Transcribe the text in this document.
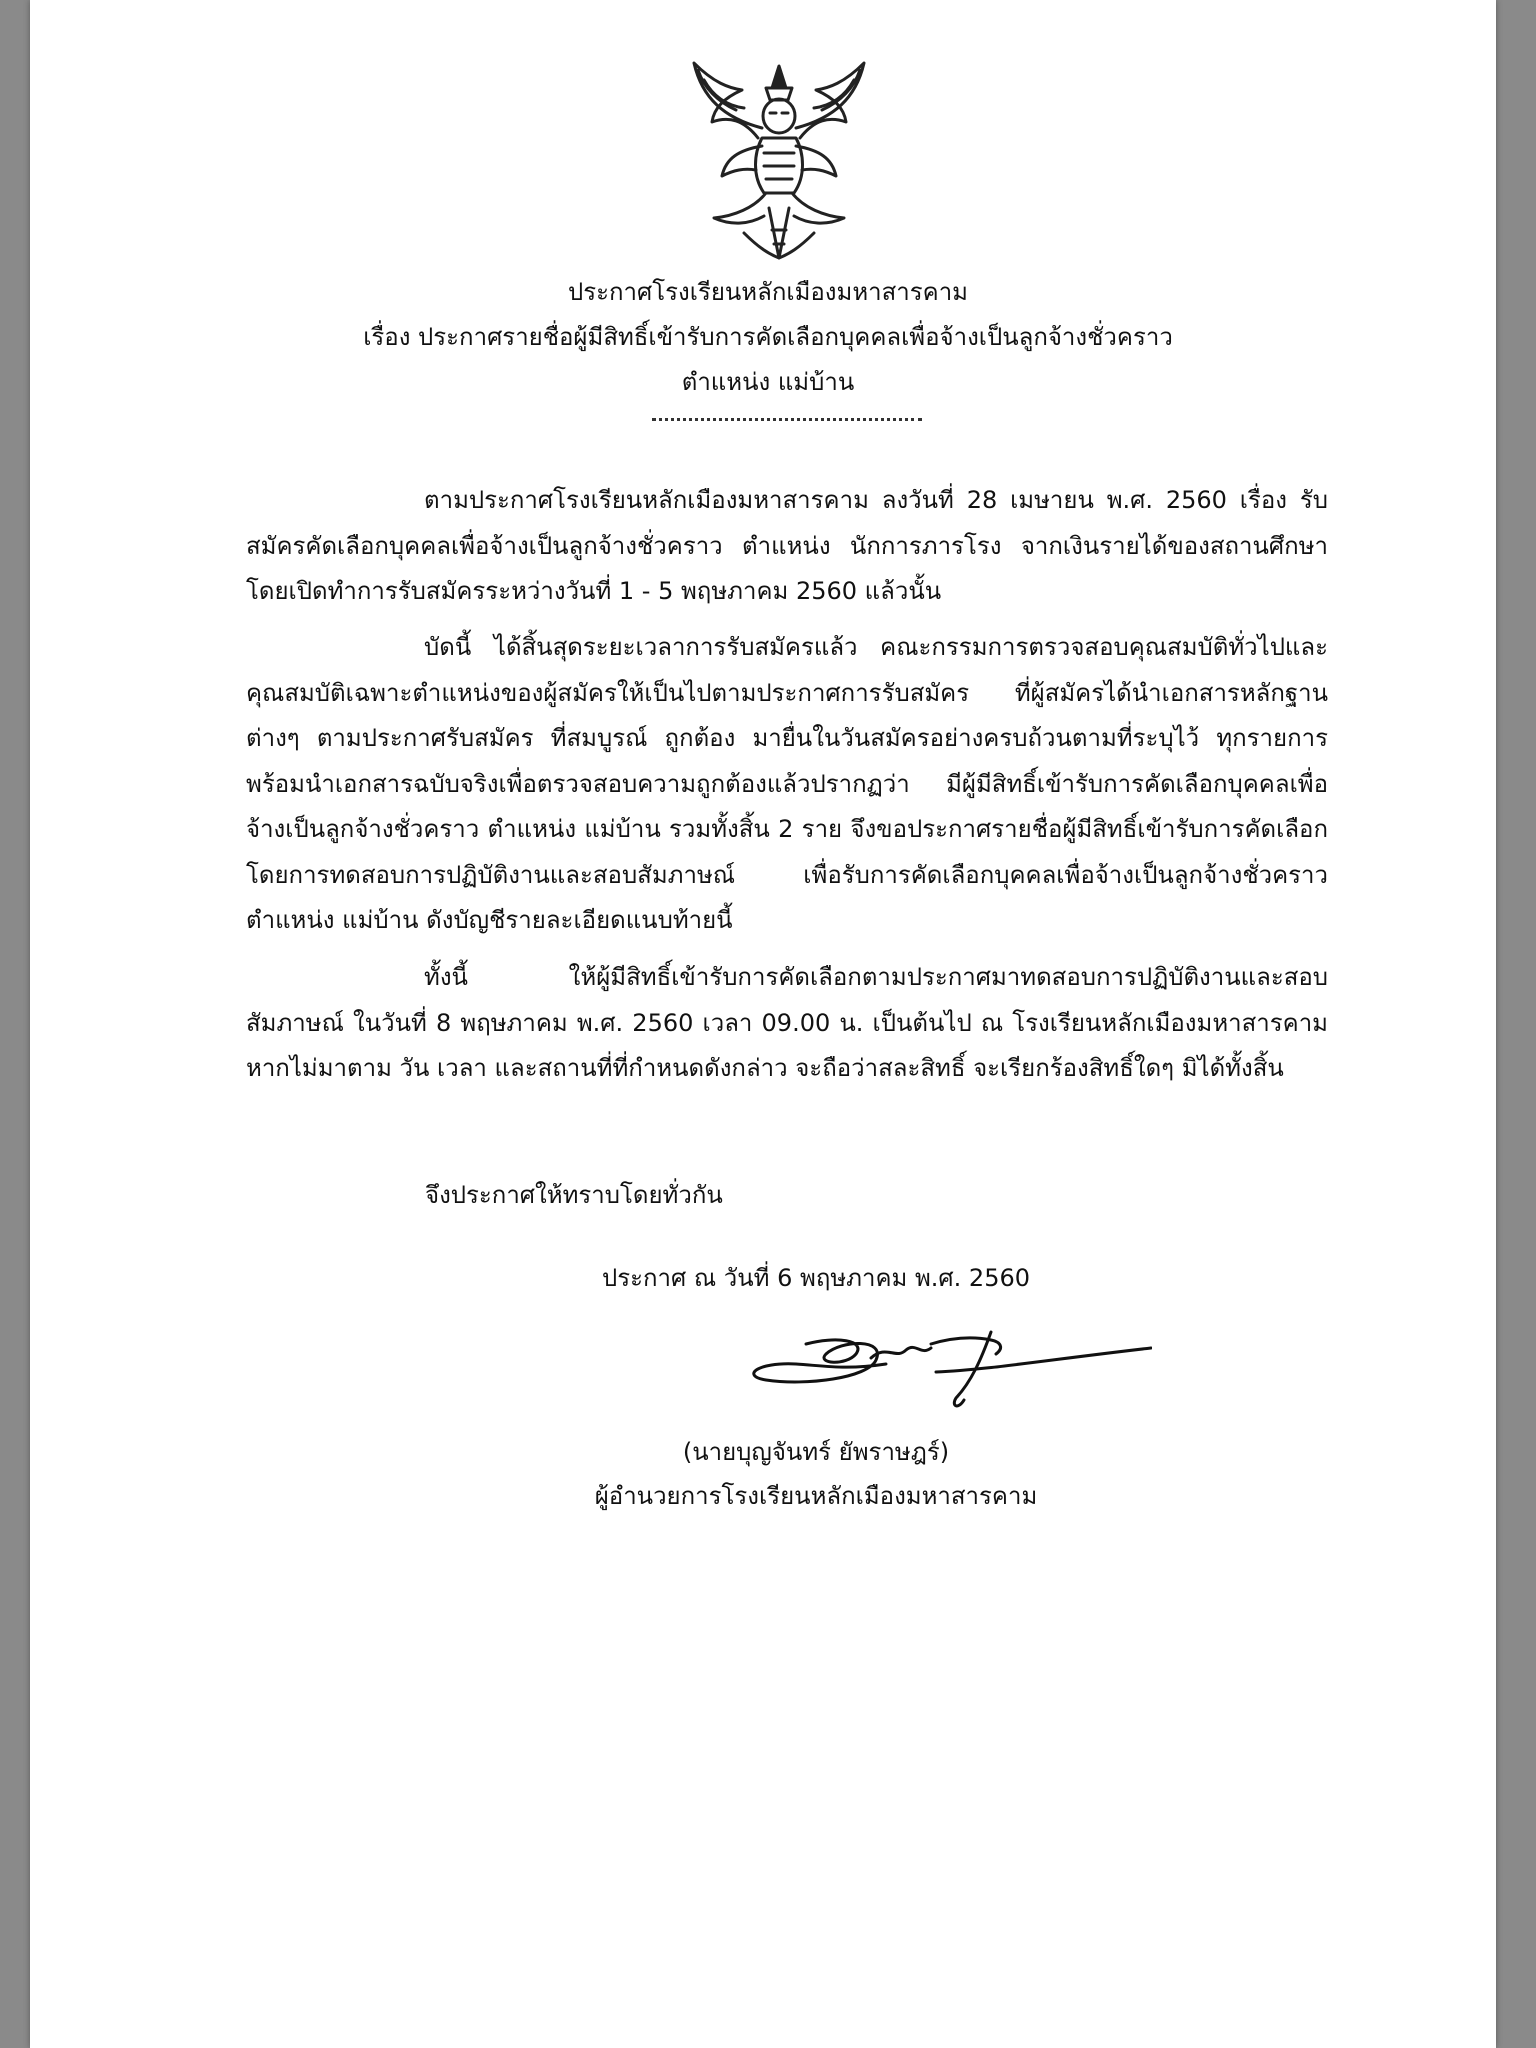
ประกาศโรงเรียนหลักเมืองมหาสารคาม
เรื่อง ประกาศรายชื่อผู้มีสิทธิ์เข้ารับการคัดเลือกบุคคลเพื่อจ้างเป็นลูกจ้างชั่วคราว
ตำแหน่ง แม่บ้าน

ตามประกาศโรงเรียนหลักเมืองมหาสารคาม ลงวันที่ 28 เมษายน พ.ศ. 2560 เรื่อง รับสมัครคัดเลือกบุคคลเพื่อจ้างเป็นลูกจ้างชั่วคราว ตำแหน่ง นักการภารโรง จากเงินรายได้ของสถานศึกษา โดยเปิดทำการรับสมัครระหว่างวันที่ 1 - 5 พฤษภาคม 2560 แล้วนั้น

บัดนี้ ได้สิ้นสุดระยะเวลาการรับสมัครแล้ว คณะกรรมการตรวจสอบคุณสมบัติทั่วไปและคุณสมบัติเฉพาะตำแหน่งของผู้สมัครให้เป็นไปตามประกาศการรับสมัคร ที่ผู้สมัครได้นำเอกสารหลักฐานต่างๆ ตามประกาศรับสมัคร ที่สมบูรณ์ ถูกต้อง มายื่นในวันสมัครอย่างครบถ้วนตามที่ระบุไว้ ทุกรายการ พร้อมนำเอกสารฉบับจริงเพื่อตรวจสอบความถูกต้องแล้วปรากฏว่า มีผู้มีสิทธิ์เข้ารับการคัดเลือกบุคคลเพื่อจ้างเป็นลูกจ้างชั่วคราว ตำแหน่ง แม่บ้าน รวมทั้งสิ้น 2 ราย จึงขอประกาศรายชื่อผู้มีสิทธิ์เข้ารับการคัดเลือก โดยการทดสอบการปฏิบัติงานและสอบสัมภาษณ์ เพื่อรับการคัดเลือกบุคคลเพื่อจ้างเป็นลูกจ้างชั่วคราว ตำแหน่ง แม่บ้าน ดังบัญชีรายละเอียดแนบท้ายนี้

ทั้งนี้ ให้ผู้มีสิทธิ์เข้ารับการคัดเลือกตามประกาศมาทดสอบการปฏิบัติงานและสอบสัมภาษณ์ ในวันที่ 8 พฤษภาคม พ.ศ. 2560 เวลา 09.00 น. เป็นต้นไป ณ โรงเรียนหลักเมืองมหาสารคาม หากไม่มาตาม วัน เวลา และสถานที่ที่กำหนดดังกล่าว จะถือว่าสละสิทธิ์ จะเรียกร้องสิทธิ์ใดๆ มิได้ทั้งสิ้น

จึงประกาศให้ทราบโดยทั่วกัน
ประกาศ ณ วันที่ 6 พฤษภาคม พ.ศ. 2560
(นายบุญจันทร์ ยัพราษฎร์)
ผู้อำนวยการโรงเรียนหลักเมืองมหาสารคาม
